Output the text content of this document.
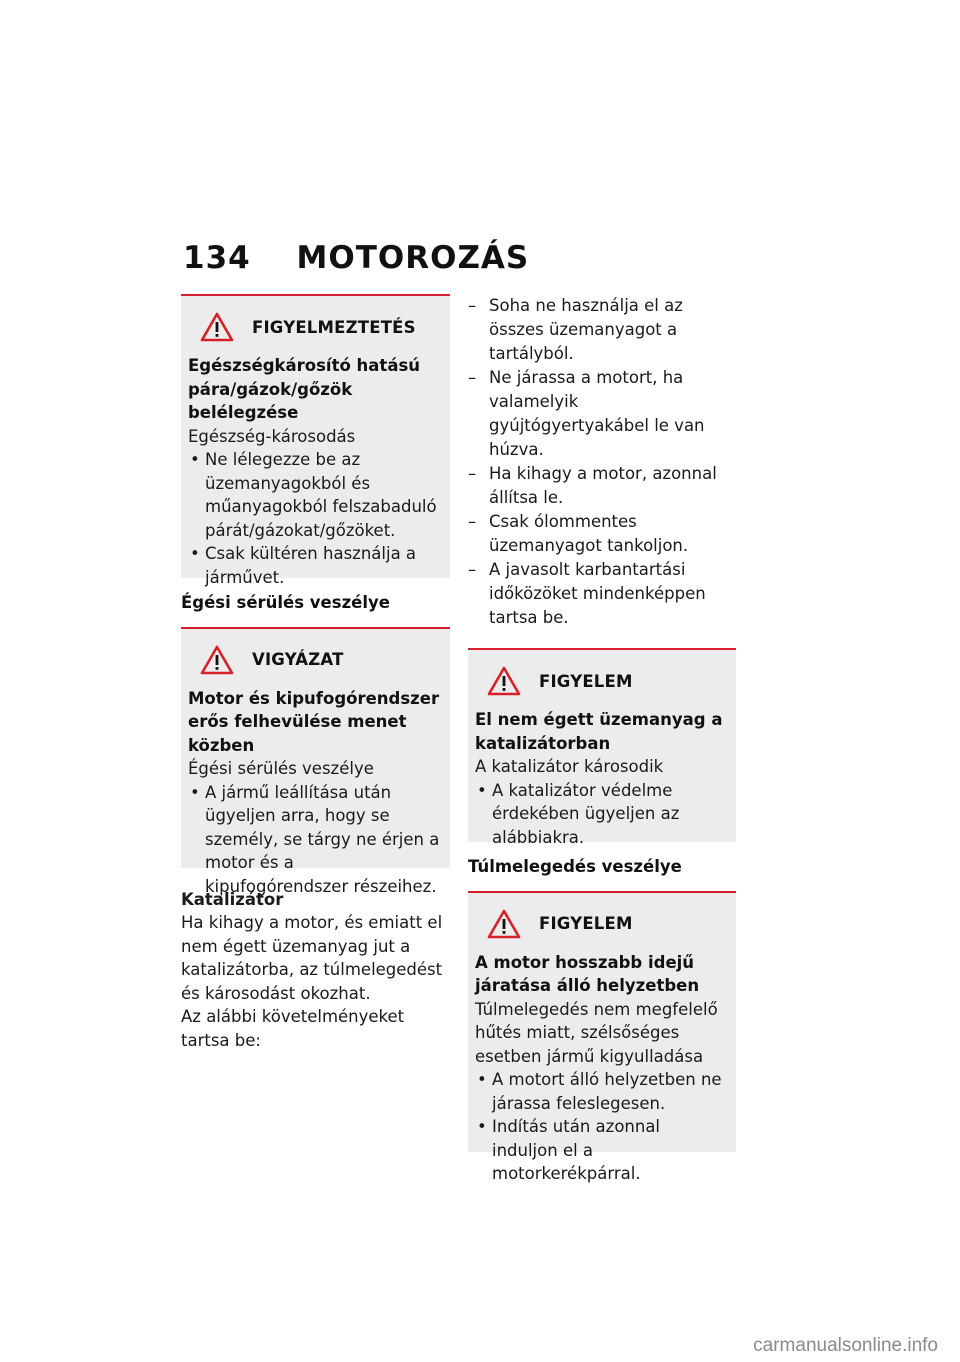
134 MOTOROZÁS
FIGYELMEZTETÉS
Egészségkárosító hatású pára/gázok/gőzök belélegzése
Egészség-károsodás
• Ne lélegezze be az üzemanyagokból és műanyagokból felszabaduló párát/gázokat/gőzöket.
• Csak kültéren használja a járművet.
Égési sérülés veszélye
VIGYÁZAT
Motor és kipufogórendszer erős felhevülése menet közben
Égési sérülés veszélye
• A jármű leállítása után ügyeljen arra, hogy se személy, se tárgy ne érjen a motor és a kipufogórendszer részeihez.
Katalizátor

Ha kihagy a motor, és emiatt el nem égett üzemanyag jut a katalizátorba, az túlmelegedést és károsodást okozhat.

Az alábbi követelményeket tartsa be:

– Soha ne használja el az összes üzemanyagot a tartályból.
– Ne járassa a motort, ha valamelyik gyújtógyertyakábel le van húzva.
– Ha kihagy a motor, azonnal állítsa le.
– Csak ólommentes üzemanyagot tankoljon.
– A javasolt karbantartási időközöket mindenképpen tartsa be.
FIGYELEM
El nem égett üzemanyag a katalizátorban
A katalizátor károsodik
• A katalizátor védelme érdekében ügyeljen az alábbiakra.
Túlmelegedés veszélye
FIGYELEM
A motor hosszabb idejű járatása álló helyzetben
Túlmelegedés nem megfelelő hűtés miatt, szélsőséges esetben jármű kigyulladása
• A motort álló helyzetben ne járassa feleslegesen.
• Indítás után azonnal induljon el a motorkerékpárral.
carmanualsonline.info
